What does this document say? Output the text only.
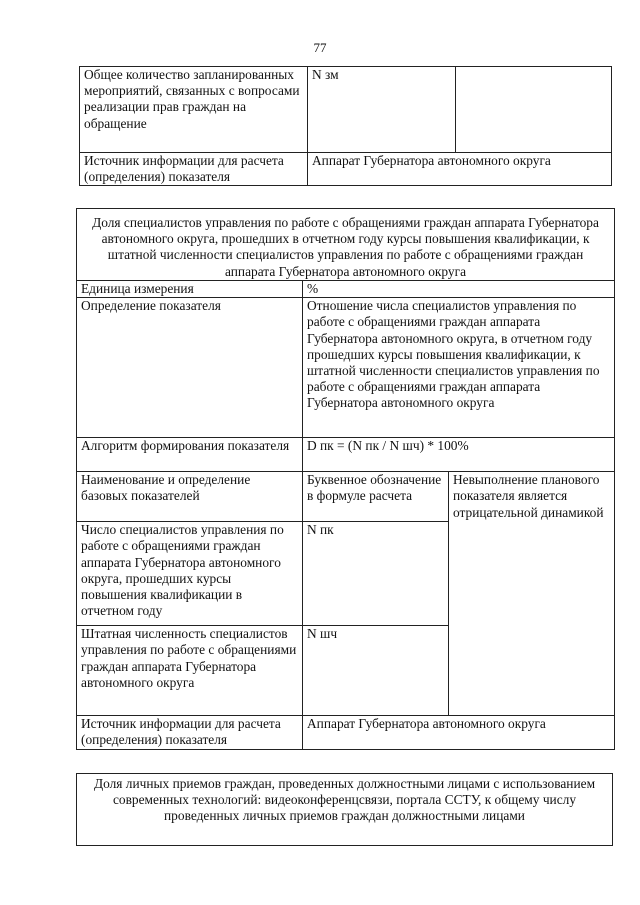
77
Общее количество запланированных мероприятий, связанных с вопросами реализации прав граждан на обращение	N зм	
Источник информации для расчета (определения) показателя	Аппарат Губернатора автономного округа	
Доля специалистов управления по работе с обращениями граждан аппарата Губернатора автономного округа, прошедших в отчетном году курсы повышения квалификации, к штатной численности специалистов управления по работе с обращениями граждан аппарата Губернатора автономного округа		
Единица измерения	%	
Определение показателя	Отношение числа специалистов управления по работе с обращениями граждан аппарата Губернатора автономного округа, в отчетном году прошедших курсы повышения квалификации, к штатной численности специалистов управления по работе с обращениями граждан аппарата Губернатора автономного округа	
Алгоритм формирования показателя	D пк = (N пк / N шч) * 100%	
Наименование и определение базовых показателей	Буквенное обозначение в формуле расчета	Невыполнение планового показателя является отрицательной динамикой
Число специалистов управления по работе с обращениями граждан аппарата Губернатора автономного округа, прошедших курсы повышения квалификации в отчетном году	N пк	
Штатная численность специалистов управления по работе с обращениями граждан аппарата Губернатора автономного округа	N шч	
Источник информации для расчета (определения) показателя	Аппарат Губернатора автономного округа	
Доля личных приемов граждан, проведенных должностными лицами с использованием современных технологий: видеоконференцсвязи, портала ССТУ, к общему числу проведенных личных приемов граждан должностными лицами
